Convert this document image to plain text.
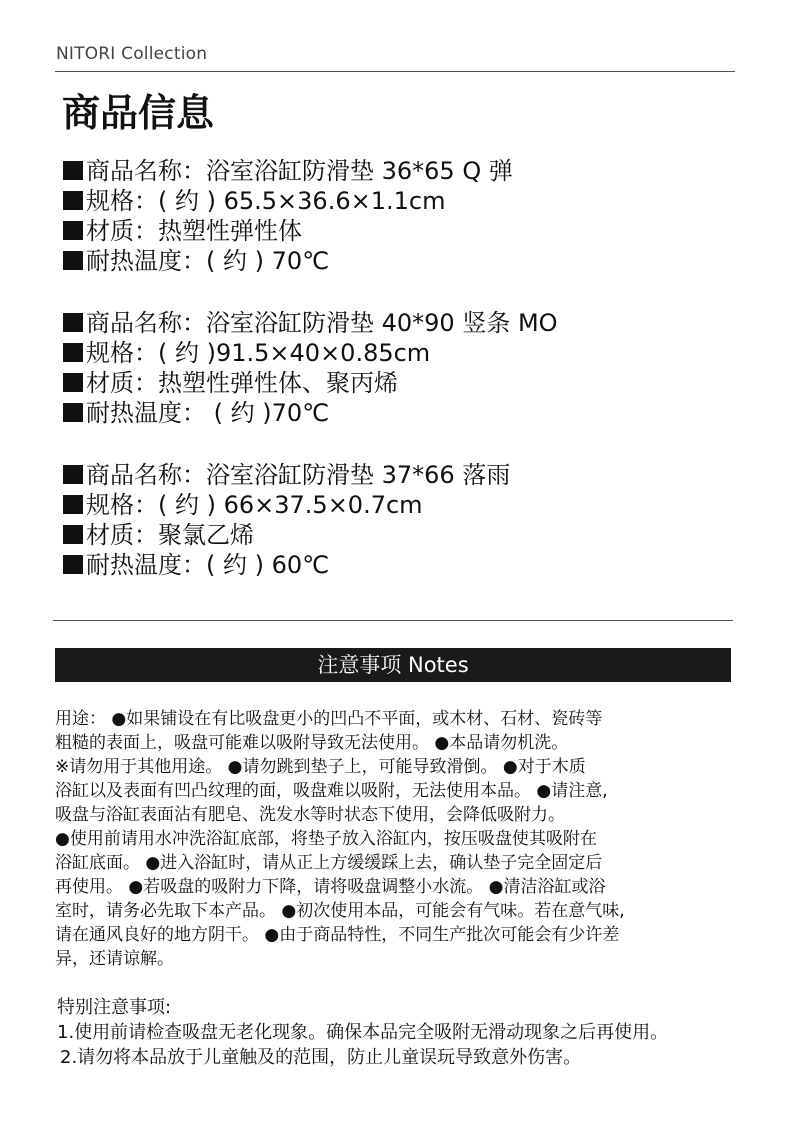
NITORI Collection
商品信息
商品名称：浴室浴缸防滑垫 36*65 Q 弹
规格：( 约 ) 65.5×36.6×1.1cm
材质：热塑性弹性体
耐热温度：( 约 ) 70℃
商品名称：浴室浴缸防滑垫 40*90 竖条 MO
规格：( 约 )91.5×40×0.85cm
材质：热塑性弹性体、聚丙烯
耐热温度： ( 约 )70℃
商品名称：浴室浴缸防滑垫 37*66 落雨
规格：( 约 ) 66×37.5×0.7cm
材质：聚氯乙烯
耐热温度：( 约 ) 60℃
注意事项 Notes
用途： ●如果铺设在有比吸盘更小的凹凸不平面，或木材、石材、瓷砖等
粗糙的表面上，吸盘可能难以吸附导致无法使用。 ●本品请勿机洗。
※请勿用于其他用途。 ●请勿跳到垫子上，可能导致滑倒。 ●对于木质
浴缸以及表面有凹凸纹理的面，吸盘难以吸附，无法使用本品。 ●请注意,
吸盘与浴缸表面沾有肥皂、洗发水等时状态下使用，会降低吸附力。
●使用前请用水冲洗浴缸底部，将垫子放入浴缸内，按压吸盘使其吸附在
浴缸底面。 ●进入浴缸时，请从正上方缓缓踩上去，确认垫子完全固定后
再使用。 ●若吸盘的吸附力下降，请将吸盘调整小水流。 ●清洁浴缸或浴
室时，请务必先取下本产品。 ●初次使用本品，可能会有气味。若在意气味,
请在通风良好的地方阴干。 ●由于商品特性，不同生产批次可能会有少许差
异，还请谅解。
特别注意事项:
1.使用前请检查吸盘无老化现象。确保本品完全吸附无滑动现象之后再使用。
2.请勿将本品放于儿童触及的范围，防止儿童误玩导致意外伤害。
